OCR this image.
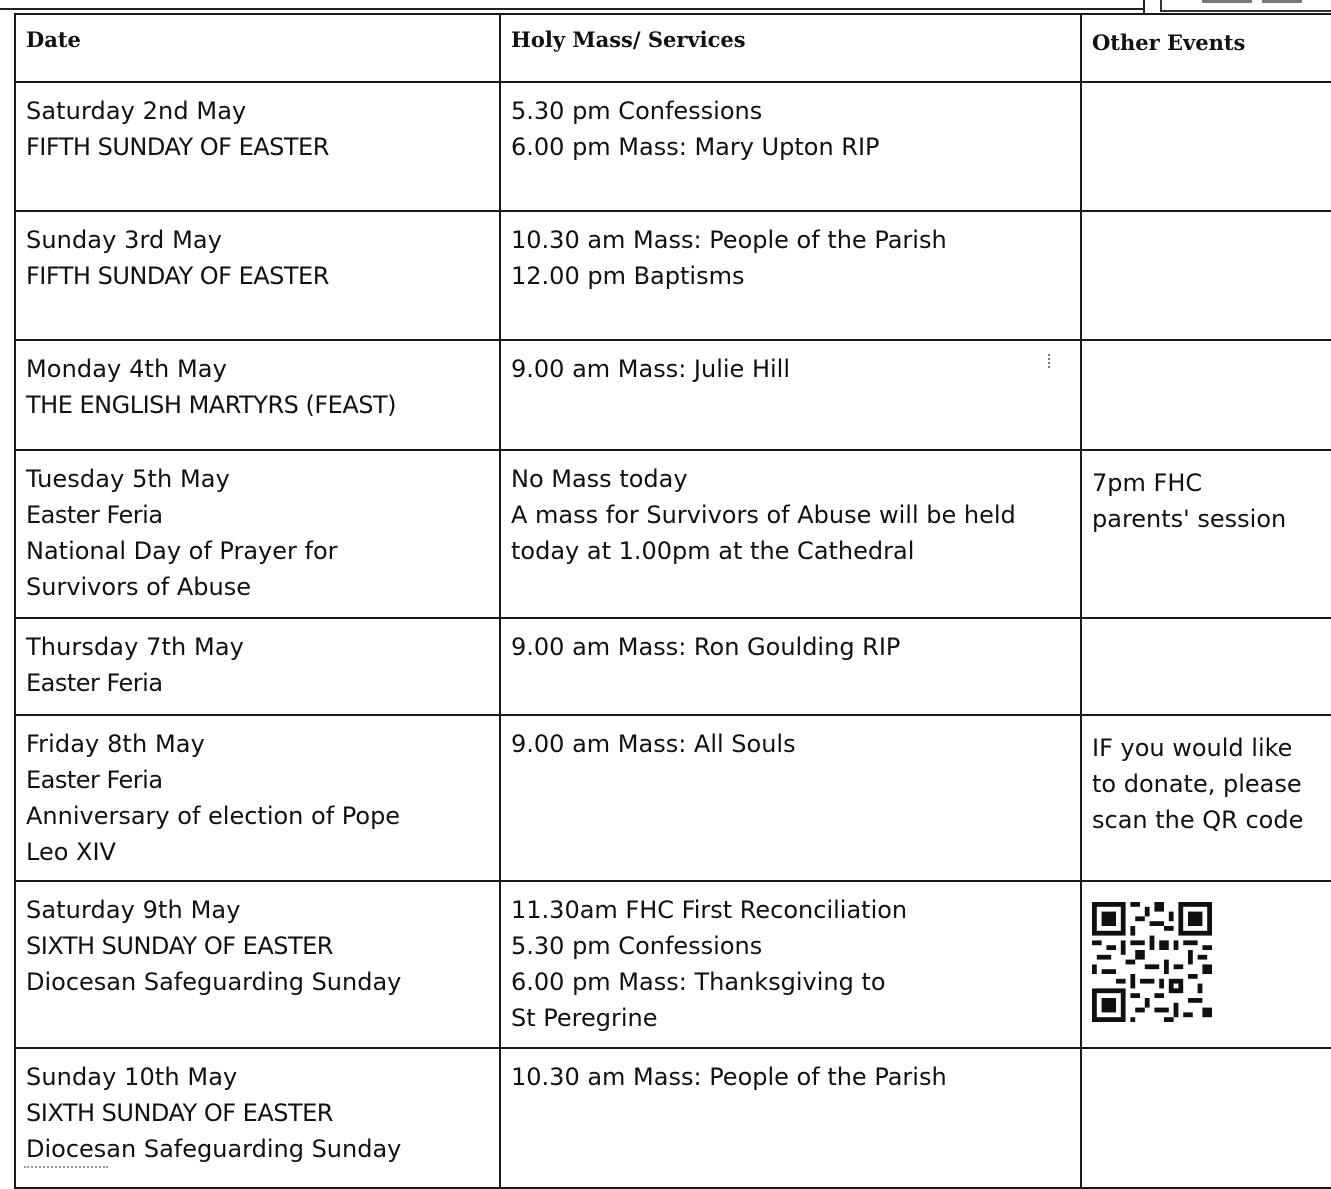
Date	Holy Mass/ Services	Other Events

Saturday 2nd May
FIFTH SUNDAY OF EASTER	5.30 pm Confessions
6.00 pm Mass: Mary Upton RIP	

Sunday 3rd May
FIFTH SUNDAY OF EASTER	10.30 am Mass: People of the Parish
12.00 pm Baptisms	

Monday 4th May
THE ENGLISH MARTYRS (FEAST)	9.00 am Mass: Julie Hill	

Tuesday 5th May
Easter Feria
National Day of Prayer for
Survivors of Abuse	No Mass today
A mass for Survivors of Abuse will be held
today at 1.00pm at the Cathedral	7pm FHC
parents' session

Thursday 7th May
Easter Feria	9.00 am Mass: Ron Goulding RIP	

Friday 8th May
Easter Feria
Anniversary of election of Pope
Leo XIV	9.00 am Mass: All Souls	IF you would like
to donate, please
scan the QR code

Saturday 9th May
SIXTH SUNDAY OF EASTER
Diocesan Safeguarding Sunday	11.30am FHC First Reconciliation
5.30 pm Confessions
6.00 pm Mass: Thanksgiving to
St Peregrine

Sunday 10th May
SIXTH SUNDAY OF EASTER
Diocesan Safeguarding Sunday	10.30 am Mass: People of the Parish	
